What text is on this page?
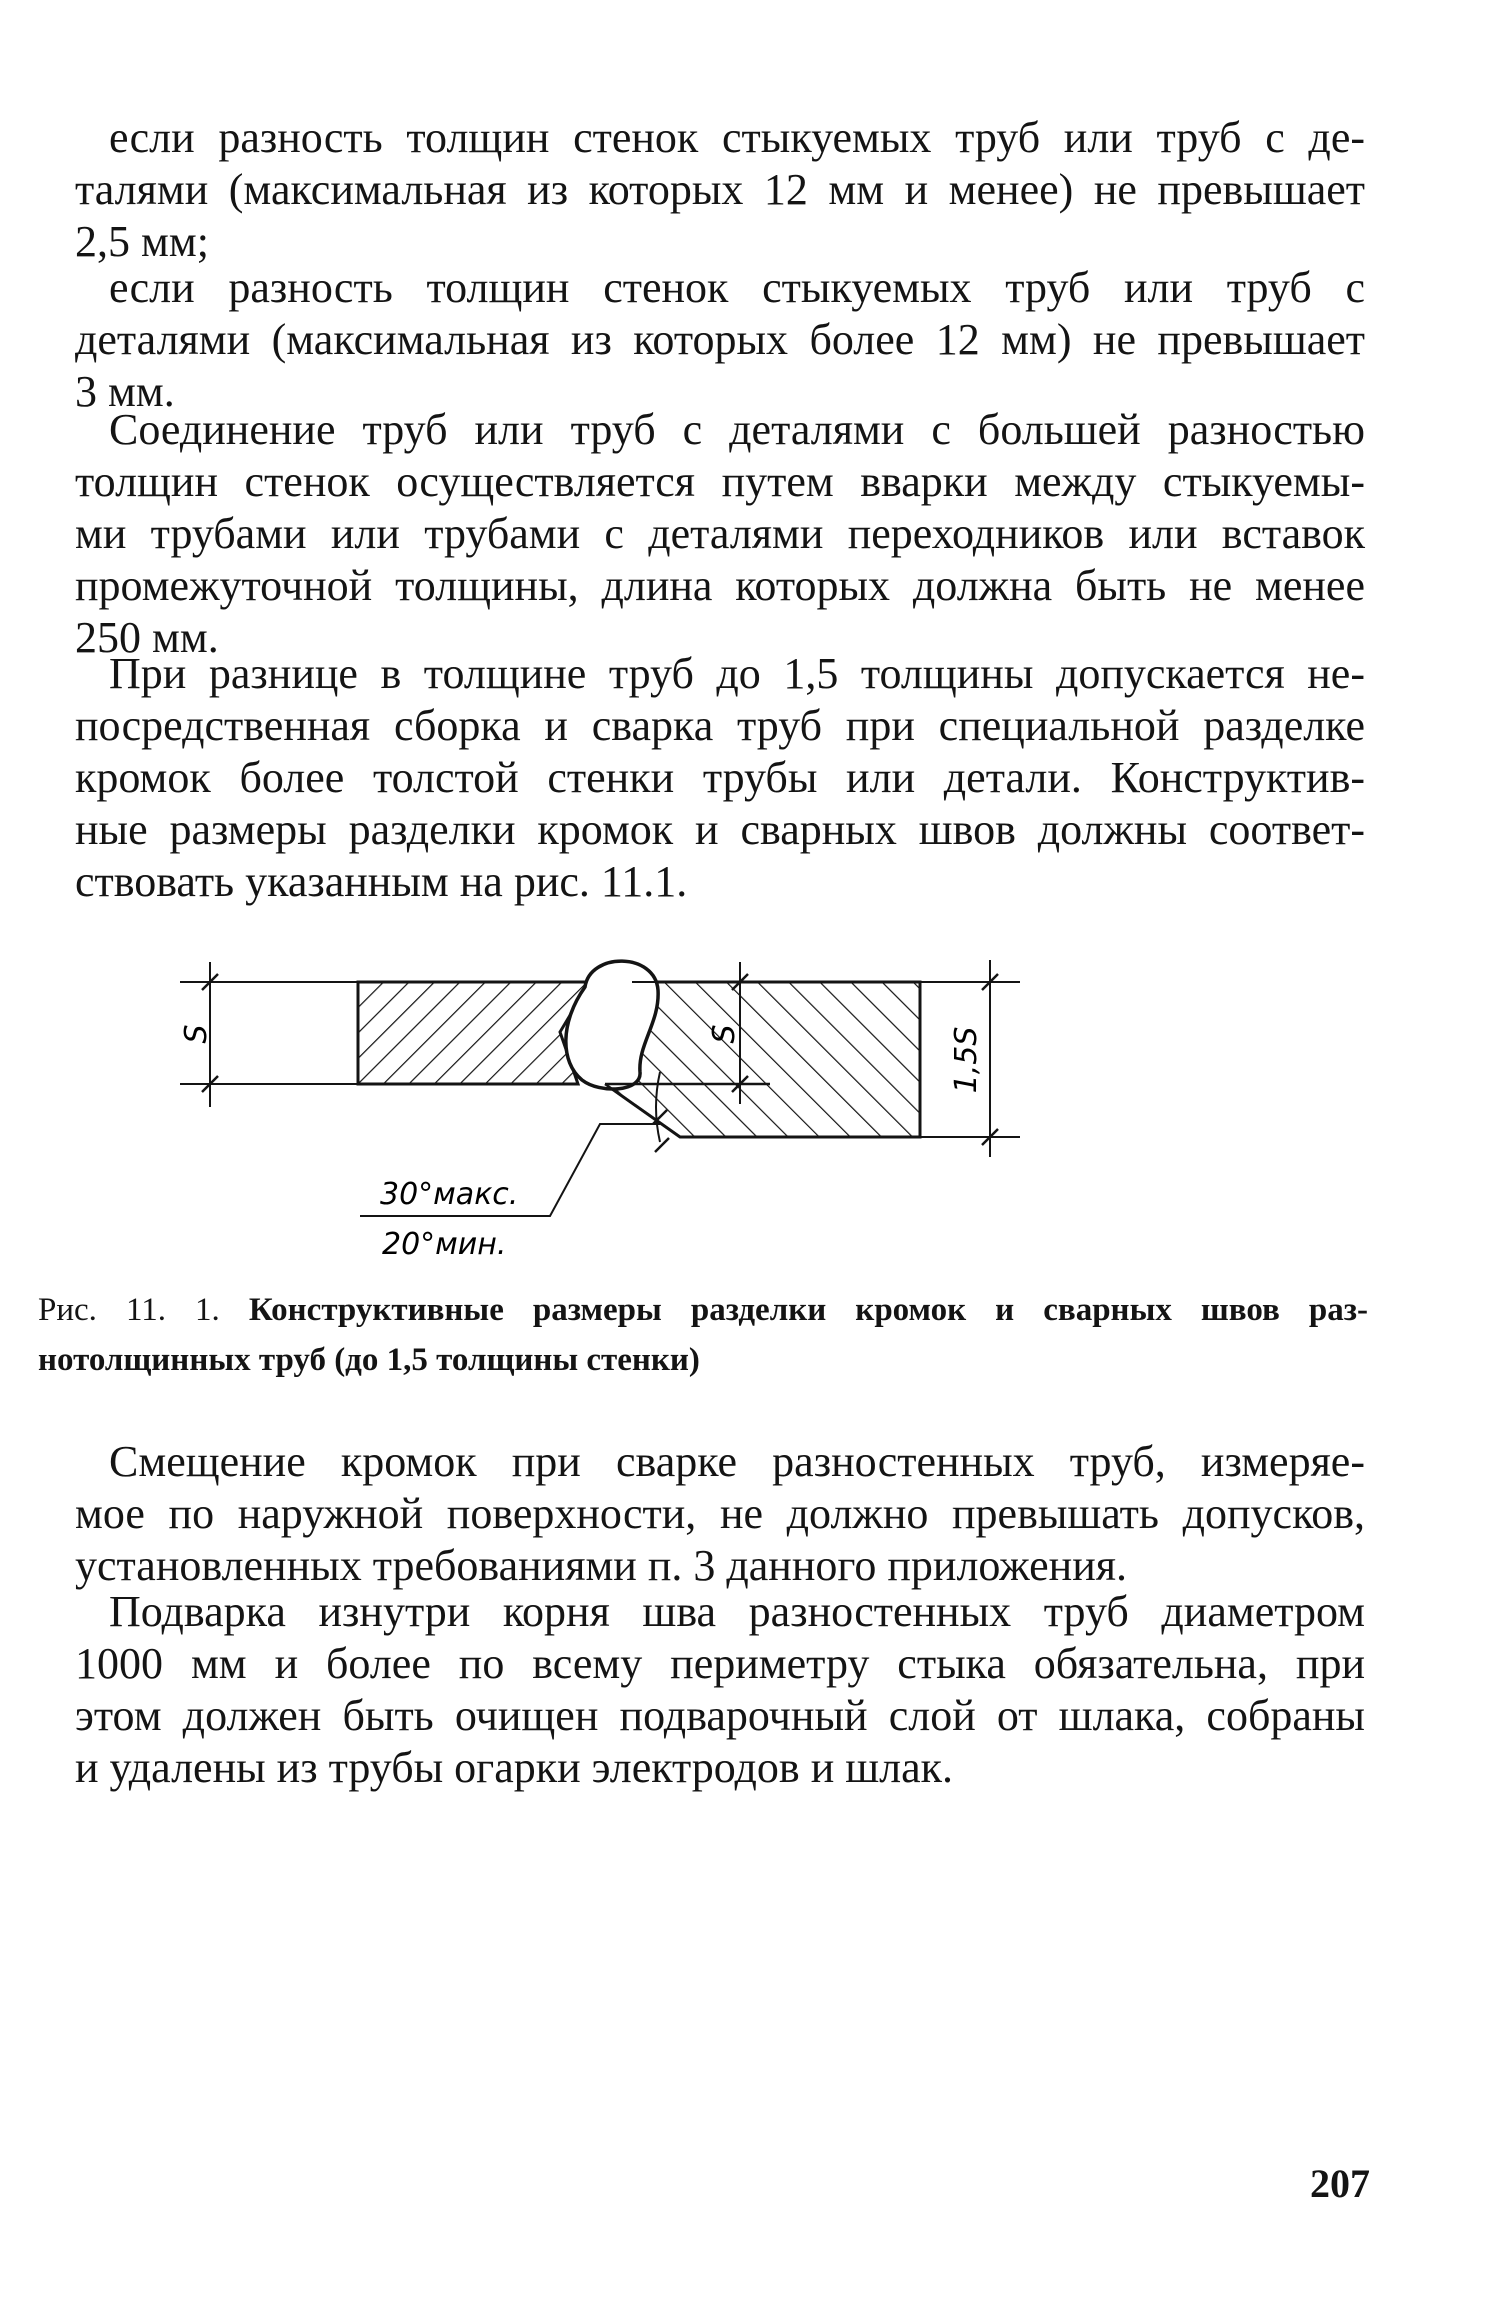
если разность толщин стенок стыкуемых труб или труб с де-
талями (максимальная из которых 12 мм и менее) не превышает
2,5 мм;
если разность толщин стенок стыкуемых труб или труб с
деталями (максимальная из которых более 12 мм) не превышает
3 мм.
Соединение труб или труб с деталями с большей разностью
толщин стенок осуществляется путем вварки между стыкуемы-
ми трубами или трубами с деталями переходников или вставок
промежуточной толщины, длина которых должна быть не менее
250 мм.
При разнице в толщине труб до 1,5 толщины допускается не-
посредственная сборка и сварка труб при специальной разделке
кромок более толстой стенки трубы или детали. Конструктив-
ные размеры разделки кромок и сварных швов должны соответ-
ствовать указанным на рис. 11.1.
S	S	1,5S
30°макс.
20°мин.
Рис. 11. 1. Конструктивные размеры разделки кромок и сварных швов раз-
нотолщинных труб (до 1,5 толщины стенки)
Смещение кромок при сварке разностенных труб, измеряе-
мое по наружной поверхности, не должно превышать допусков,
установленных требованиями п. 3 данного приложения.
Подварка изнутри корня шва разностенных труб диаметром
1000 мм и более по всему периметру стыка обязательна, при
этом должен быть очищен подварочный слой от шлака, собраны
и удалены из трубы огарки электродов и шлак.
207
